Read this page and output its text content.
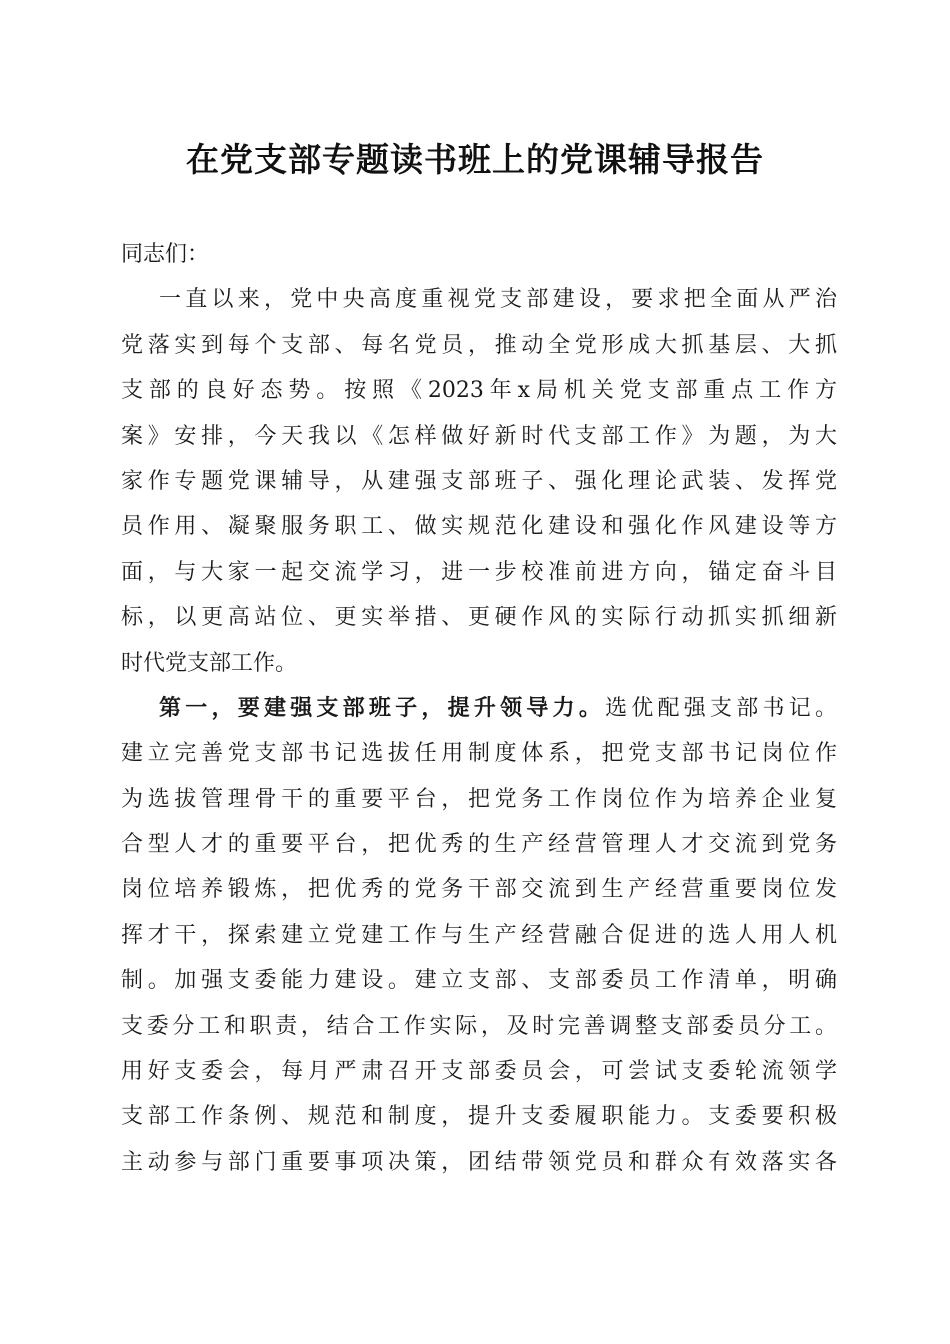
在党支部专题读书班上的党课辅导报告
同志们：
一直以来，党中央高度重视党支部建设，要求把全面从严治
党落实到每个支部、每名党员，推动全党形成大抓基层、大抓
支部的良好态势。按照《2023年x局机关党支部重点工作方
案》安排，今天我以《怎样做好新时代支部工作》为题，为大
家作专题党课辅导，从建强支部班子、强化理论武装、发挥党
员作用、凝聚服务职工、做实规范化建设和强化作风建设等方
面，与大家一起交流学习，进一步校准前进方向，锚定奋斗目
标，以更高站位、更实举措、更硬作风的实际行动抓实抓细新
时代党支部工作。
第一，要建强支部班子，提升领导力。选优配强支部书记。
建立完善党支部书记选拔任用制度体系，把党支部书记岗位作
为选拔管理骨干的重要平台，把党务工作岗位作为培养企业复
合型人才的重要平台，把优秀的生产经营管理人才交流到党务
岗位培养锻炼，把优秀的党务干部交流到生产经营重要岗位发
挥才干，探索建立党建工作与生产经营融合促进的选人用人机
制。加强支委能力建设。建立支部、支部委员工作清单，明确
支委分工和职责，结合工作实际，及时完善调整支部委员分工。
用好支委会，每月严肃召开支部委员会，可尝试支委轮流领学
支部工作条例、规范和制度，提升支委履职能力。支委要积极
主动参与部门重要事项决策，团结带领党员和群众有效落实各
